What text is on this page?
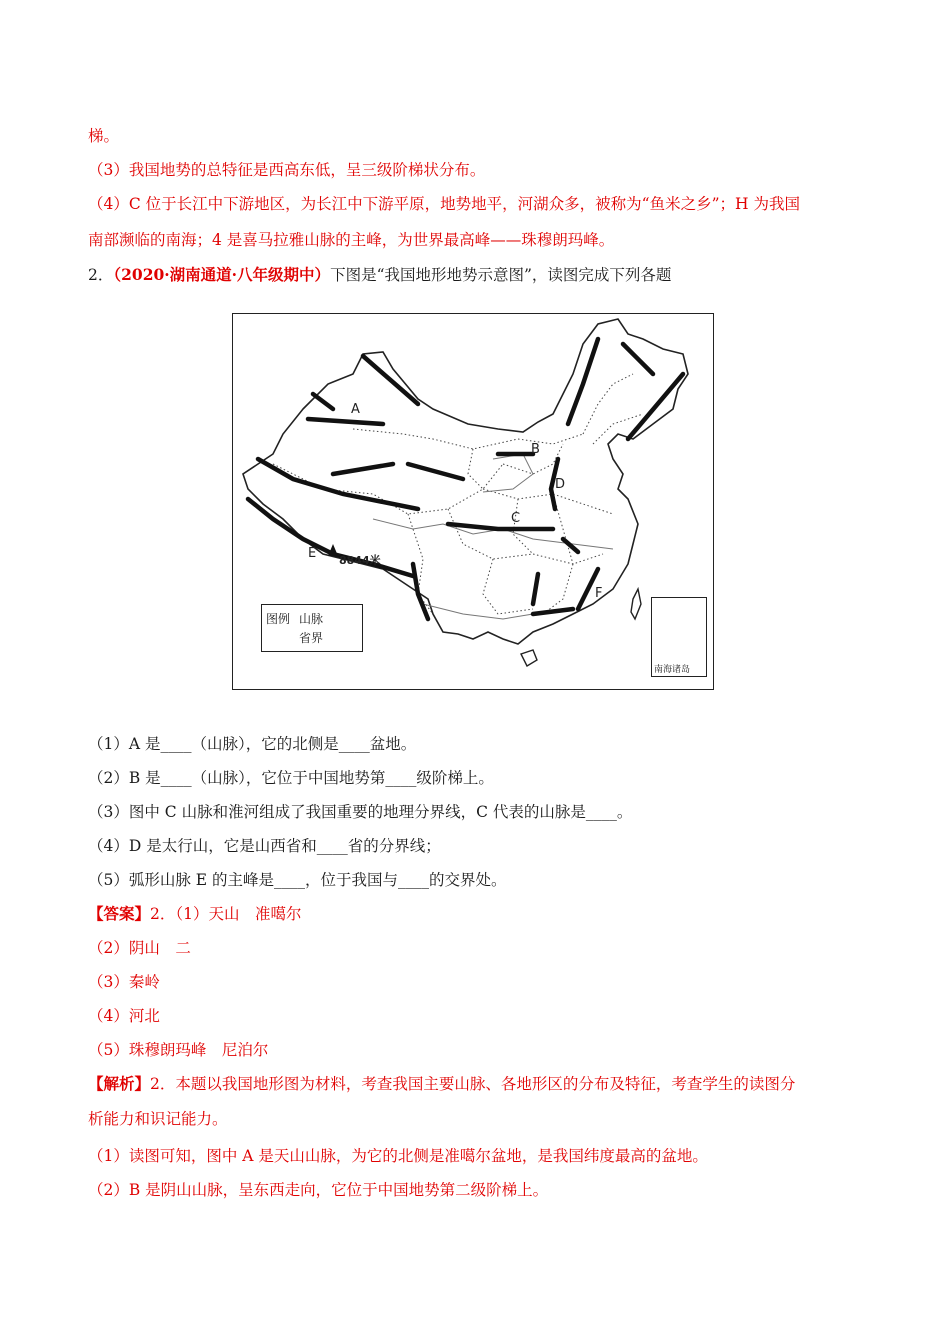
梯。
（3）我国地势的总特征是西高东低，呈三级阶梯状分布。
（4）C 位于长江中下游地区，为长江中下游平原，地势地平，河湖众多，被称为“鱼米之乡”；H 为我国
南部濒临的南海；4 是喜马拉雅山脉的主峰，为世界最高峰——珠穆朗玛峰。
2．（2020·湖南通道·八年级期中）下图是“我国地形地势示意图”，读图完成下列各题
A
B
C
D
E
F
8844米
图例 山脉
省界
南海诸岛
（1）A 是____（山脉），它的北侧是____盆地。
（2）B 是____（山脉），它位于中国地势第____级阶梯上。
（3）图中 C 山脉和淮河组成了我国重要的地理分界线，C 代表的山脉是____。
（4）D 是太行山，它是山西省和____省的分界线；
（5）弧形山脉 E 的主峰是____，位于我国与____的交界处。
【答案】2．（1）天山　准噶尔
（2）阴山　二
（3）秦岭
（4）河北
（5）珠穆朗玛峰　尼泊尔
【解析】2．本题以我国地形图为材料，考查我国主要山脉、各地形区的分布及特征，考查学生的读图分
析能力和识记能力。
（1）读图可知，图中 A 是天山山脉，为它的北侧是准噶尔盆地，是我国纬度最高的盆地。
（2）B 是阴山山脉，呈东西走向，它位于中国地势第二级阶梯上。
